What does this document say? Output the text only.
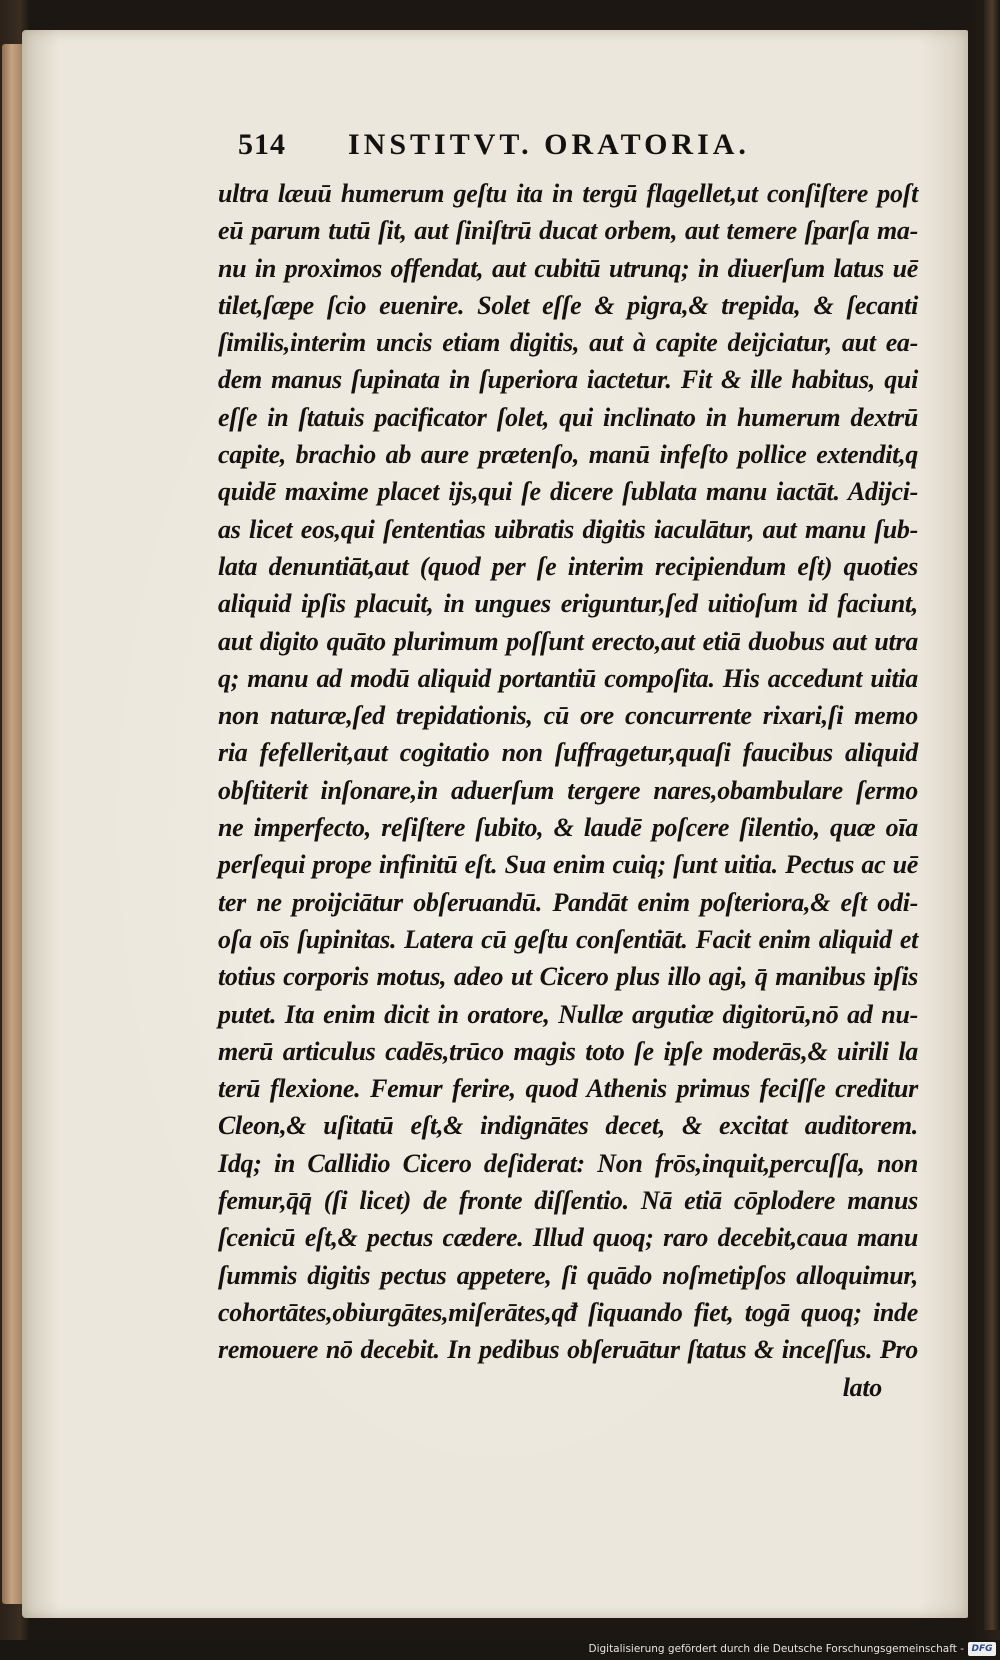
514	INSTITVT. ORATORIA.
ultra læuū humerum geſtu ita in tergū flagellet,ut conſiſtere poſt
eū parum tutū ſit, aut ſiniſtrū ducat orbem, aut temere ſparſa ma-
nu in proximos offendat, aut cubitū utrunq; in diuerſum latus uē
tilet,ſæpe ſcio euenire. Solet eſſe & pigra,& trepida, & ſecanti
ſimilis,interim uncis etiam digitis, aut à capite deijciatur, aut ea-
dem manus ſupinata in ſuperiora iactetur. Fit & ille habitus, qui
eſſe in ſtatuis pacificator ſolet, qui inclinato in humerum dextrū
capite, brachio ab aure prætenſo, manū infeſto pollice extendit,q
quidē maxime placet ijs,qui ſe dicere ſublata manu iactāt. Adijci-
as licet eos,qui ſententias uibratis digitis iaculātur, aut manu ſub-
lata denuntiāt,aut (quod per ſe interim recipiendum eſt) quoties
aliquid ipſis placuit, in ungues eriguntur,ſed uitioſum id faciunt,
aut digito quāto plurimum poſſunt erecto,aut etiā duobus aut utra
q; manu ad modū aliquid portantiū compoſita. His accedunt uitia
non naturæ,ſed trepidationis, cū ore concurrente rixari,ſi memo
ria fefellerit,aut cogitatio non ſuffragetur,quaſi faucibus aliquid
obſtiterit inſonare,in aduerſum tergere nares,obambulare ſermo
ne imperfecto, reſiſtere ſubito, & laudē poſcere ſilentio, quæ oīa
perſequi prope infinitū eſt. Sua enim cuiq; ſunt uitia. Pectus ac uē
ter ne proijciātur obſeruandū. Pandāt enim poſteriora,& eſt odi-
oſa oīs ſupinitas. Latera cū geſtu conſentiāt. Facit enim aliquid et
totius corporis motus, adeo ut Cicero plus illo agi, q̄ manibus ipſis
putet. Ita enim dicit in oratore, Nullæ argutiæ digitorū,nō ad nu-
merū articulus cadēs,trūco magis toto ſe ipſe moderās,& uirili la
terū flexione. Femur ferire, quod Athenis primus feciſſe creditur
Cleon,& uſitatū eſt,& indignātes decet, & excitat auditorem.
Idq; in Callidio Cicero deſiderat: Non frōs,inquit,percuſſa, non
femur,q̄q̄ (ſi licet) de fronte diſſentio. Nā etiā cōplodere manus
ſcenicū eſt,& pectus cædere. Illud quoq; raro decebit,caua manu
ſummis digitis pectus appetere, ſi quādo noſmetipſos alloquimur,
cohortātes,obiurgātes,miſerātes,qđ ſiquando fiet, togā quoq; inde
remouere nō decebit. In pedibus obſeruātur ſtatus & inceſſus. Pro
lato
Digitalisierung gefördert durch die Deutsche Forschungsgemeinschaft - DFG
